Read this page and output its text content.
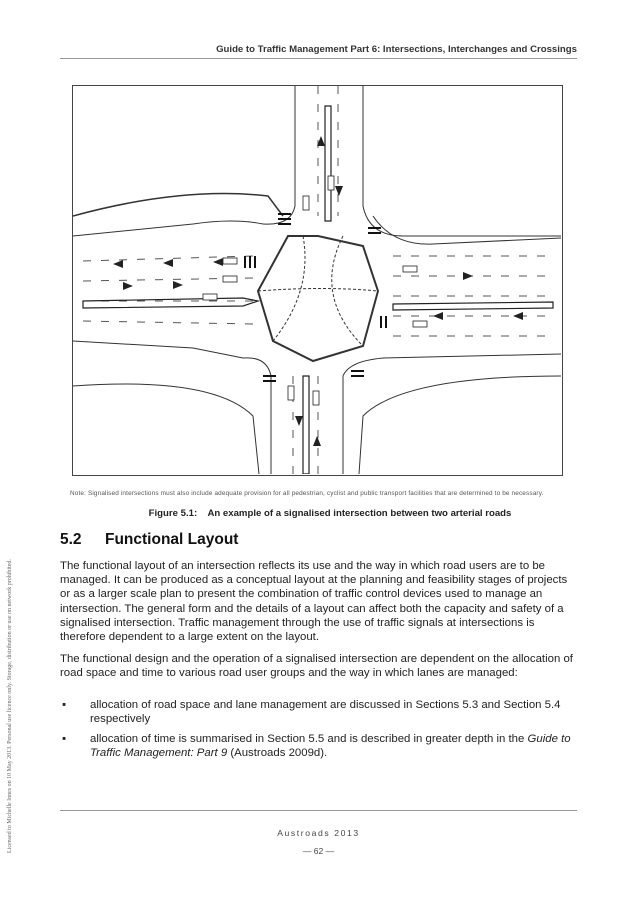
Guide to Traffic Management Part 6: Intersections, Interchanges and Crossings
Note: Signalised intersections must also include adequate provision for all pedestrian, cyclist and public transport facilities that are determined to be necessary.
Figure 5.1: An example of a signalised intersection between two arterial roads
Licensed to Michelle Innes on 10 May 2013. Personal use licence only. Storage, distribution or use on network prohibited.
5.2 Functional Layout

The functional layout of an intersection reflects its use and the way in which road users are to be managed. It can be produced as a conceptual layout at the planning and feasibility stages of projects or as a larger scale plan to present the combination of traffic control devices used to manage an intersection. The general form and the details of a layout can affect both the capacity and safety of a signalised intersection. Traffic management through the use of traffic signals at intersections is therefore dependent to a large extent on the layout.

The functional design and the operation of a signalised intersection are dependent on the allocation of road space and time to various road user groups and the way in which lanes are managed:

▪ allocation of road space and lane management are discussed in Sections 5.3 and Section 5.4 respectively
▪ allocation of time is summarised in Section 5.5 and is described in greater depth in the Guide to Traffic Management: Part 9 (Austroads 2009d).
Austroads 2013
— 62 —
